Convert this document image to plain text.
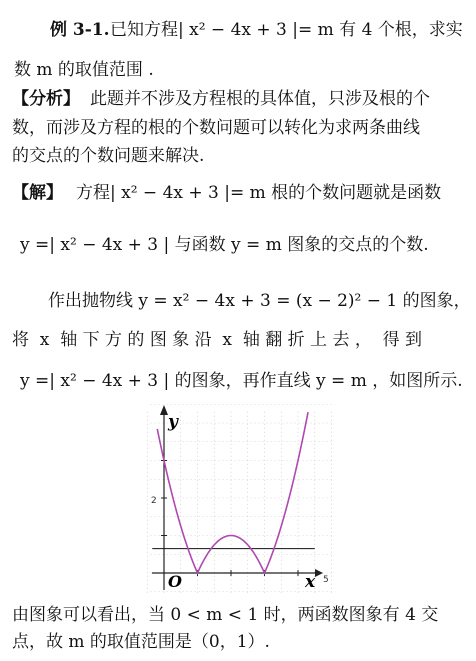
例 3-1. 已知方程| x² − 4x + 3 |= m 有 4 个根，求实
数 m 的取值范围 .
【分析】 此题并不涉及方程根的具体值，只涉及根的个
数，而涉及方程的根的个数问题可以转化为求两条曲线
的交点的个数问题来解决.
【解】 方程| x² − 4x + 3 |= m 根的个数问题就是函数
y =| x² − 4x + 3 | 与函数 y = m 图象的交点的个数.
作出抛物线 y = x² − 4x + 3 = (x − 2)² − 1 的图象，
将  x  轴 下 方 的 图 象 沿  x  轴 翻 折 上 去 ，  得 到
y =| x² − 4x + 3 | 的图象，再作直线 y = m ，如图所示.
y
x
O
2
5
由图象可以看出，当 0 < m < 1 时，两函数图象有 4 交
点，故 m 的取值范围是（0，1）.
